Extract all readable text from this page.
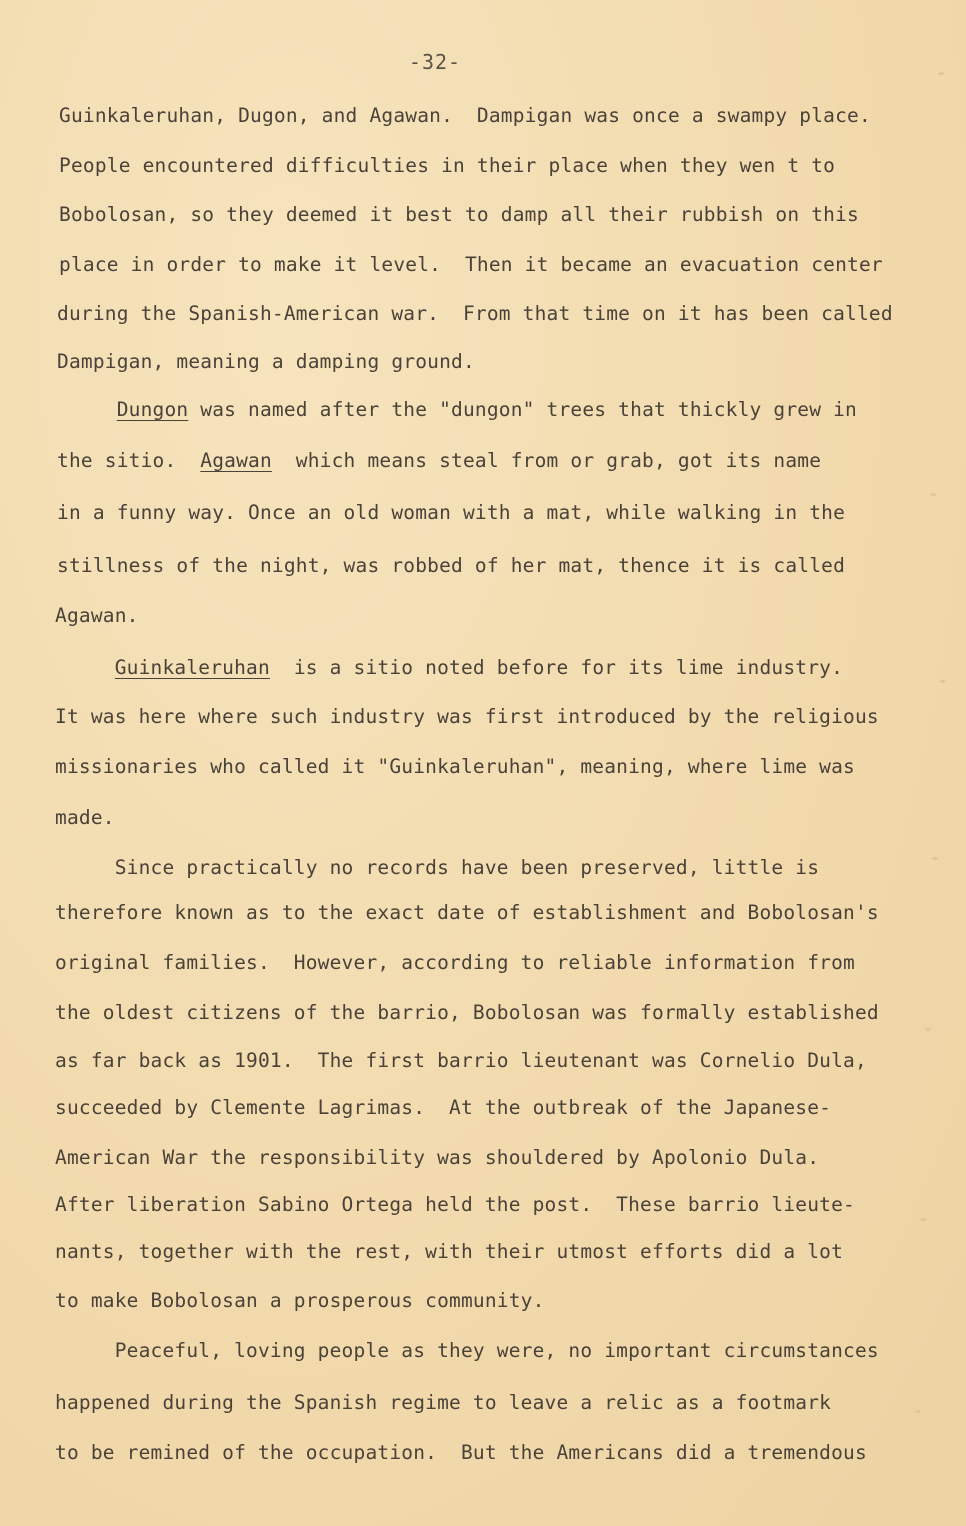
-32-
Guinkaleruhan, Dugon, and Agawan.  Dampigan was once a swampy place.
People encountered difficulties in their place when they wen t to
Bobolosan, so they deemed it best to damp all their rubbish on this
place in order to make it level.  Then it became an evacuation center
during the Spanish-American war.  From that time on it has been called
Dampigan, meaning a damping ground.
Dungon was named after the "dungon" trees that thickly grew in
the sitio.  Agawan  which means steal from or grab, got its name
in a funny way. Once an old woman with a mat, while walking in the
stillness of the night, was robbed of her mat, thence it is called
Agawan.
Guinkaleruhan  is a sitio noted before for its lime industry.
It was here where such industry was first introduced by the religious
missionaries who called it "Guinkaleruhan", meaning, where lime was
made.
Since practically no records have been preserved, little is
therefore known as to the exact date of establishment and Bobolosan's
original families.  However, according to reliable information from
the oldest citizens of the barrio, Bobolosan was formally established
as far back as 1901.  The first barrio lieutenant was Cornelio Dula,
succeeded by Clemente Lagrimas.  At the outbreak of the Japanese-
American War the responsibility was shouldered by Apolonio Dula.
After liberation Sabino Ortega held the post.  These barrio lieute-
nants, together with the rest, with their utmost efforts did a lot
to make Bobolosan a prosperous community.
Peaceful, loving people as they were, no important circumstances
happened during the Spanish regime to leave a relic as a footmark
to be remined of the occupation.  But the Americans did a tremendous
